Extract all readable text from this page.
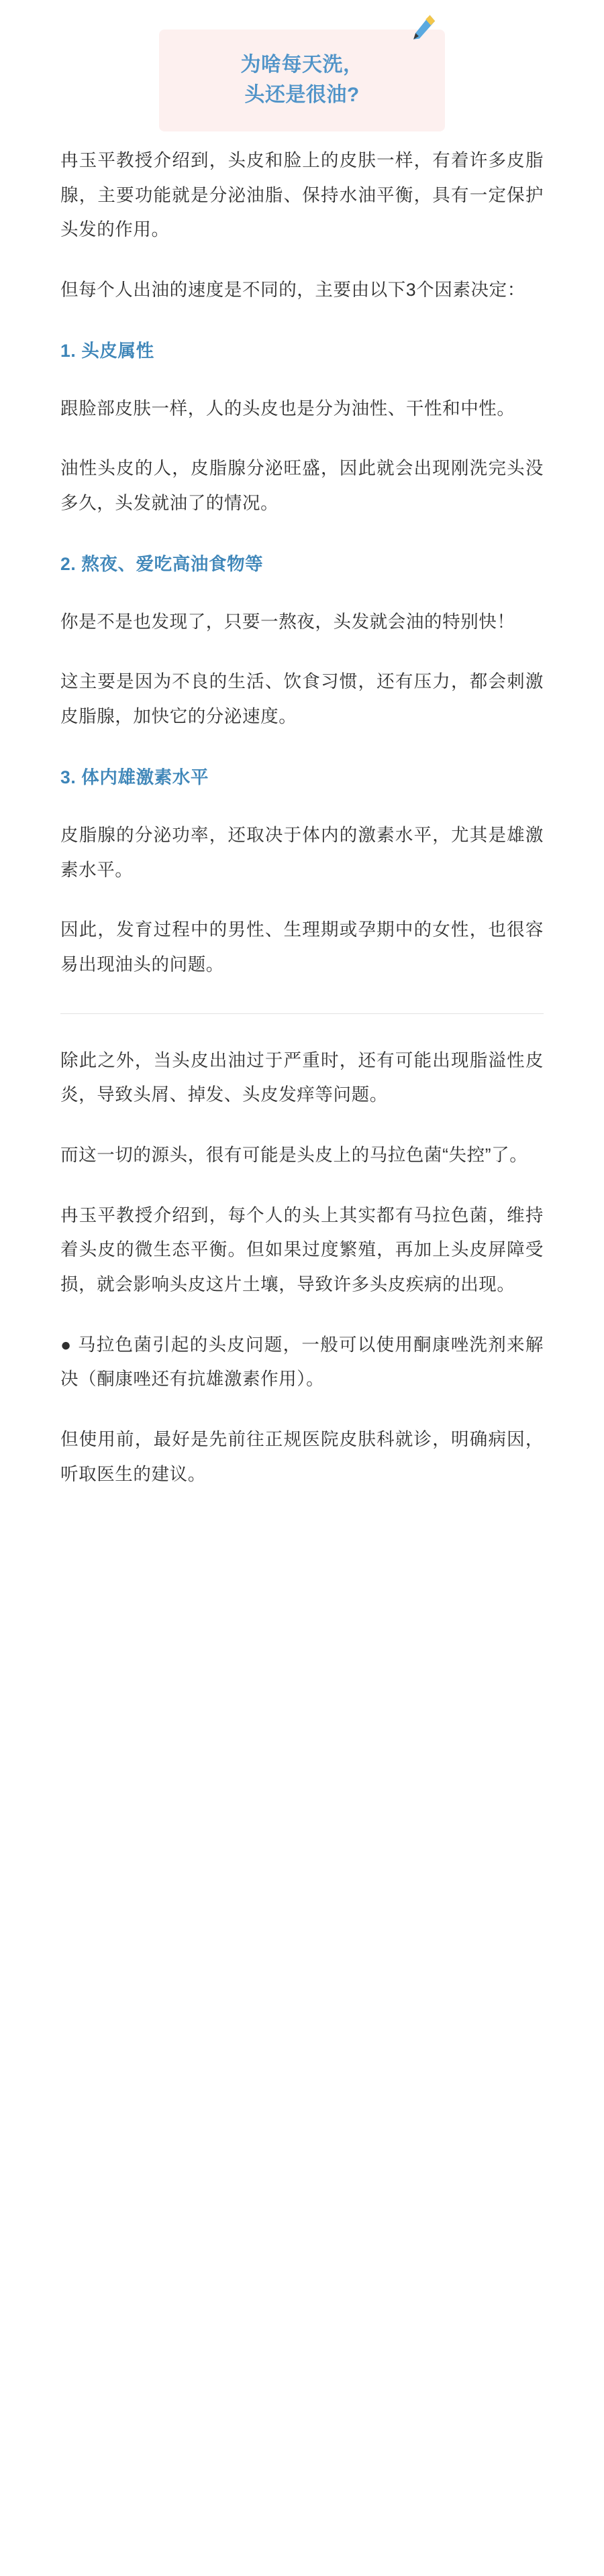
为啥每天洗，
头还是很油?

冉玉平教授介绍到，头皮和脸上的皮肤一样，有着许多皮脂腺，主要功能就是分泌油脂、保持水油平衡，具有一定保护头发的作用。

但每个人出油的速度是不同的，主要由以下3个因素决定：

1. 头皮属性

跟脸部皮肤一样，人的头皮也是分为油性、干性和中性。

油性头皮的人，皮脂腺分泌旺盛，因此就会出现刚洗完头没多久，头发就油了的情况。

2. 熬夜、爱吃高油食物等

你是不是也发现了，只要一熬夜，头发就会油的特别快！

这主要是因为不良的生活、饮食习惯，还有压力，都会刺激皮脂腺，加快它的分泌速度。

3. 体内雄激素水平

皮脂腺的分泌功率，还取决于体内的激素水平，尤其是雄激素水平。

因此，发育过程中的男性、生理期或孕期中的女性，也很容易出现油头的问题。

除此之外，当头皮出油过于严重时，还有可能出现脂溢性皮炎，导致头屑、掉发、头皮发痒等问题。

而这一切的源头，很有可能是头皮上的马拉色菌“失控”了。

冉玉平教授介绍到，每个人的头上其实都有马拉色菌，维持着头皮的微生态平衡。但如果过度繁殖，再加上头皮屏障受损，就会影响头皮这片土壤，导致许多头皮疾病的出现。

● 马拉色菌引起的头皮问题，一般可以使用酮康唑洗剂来解决（酮康唑还有抗雄激素作用）。

但使用前，最好是先前往正规医院皮肤科就诊，明确病因，听取医生的建议。
